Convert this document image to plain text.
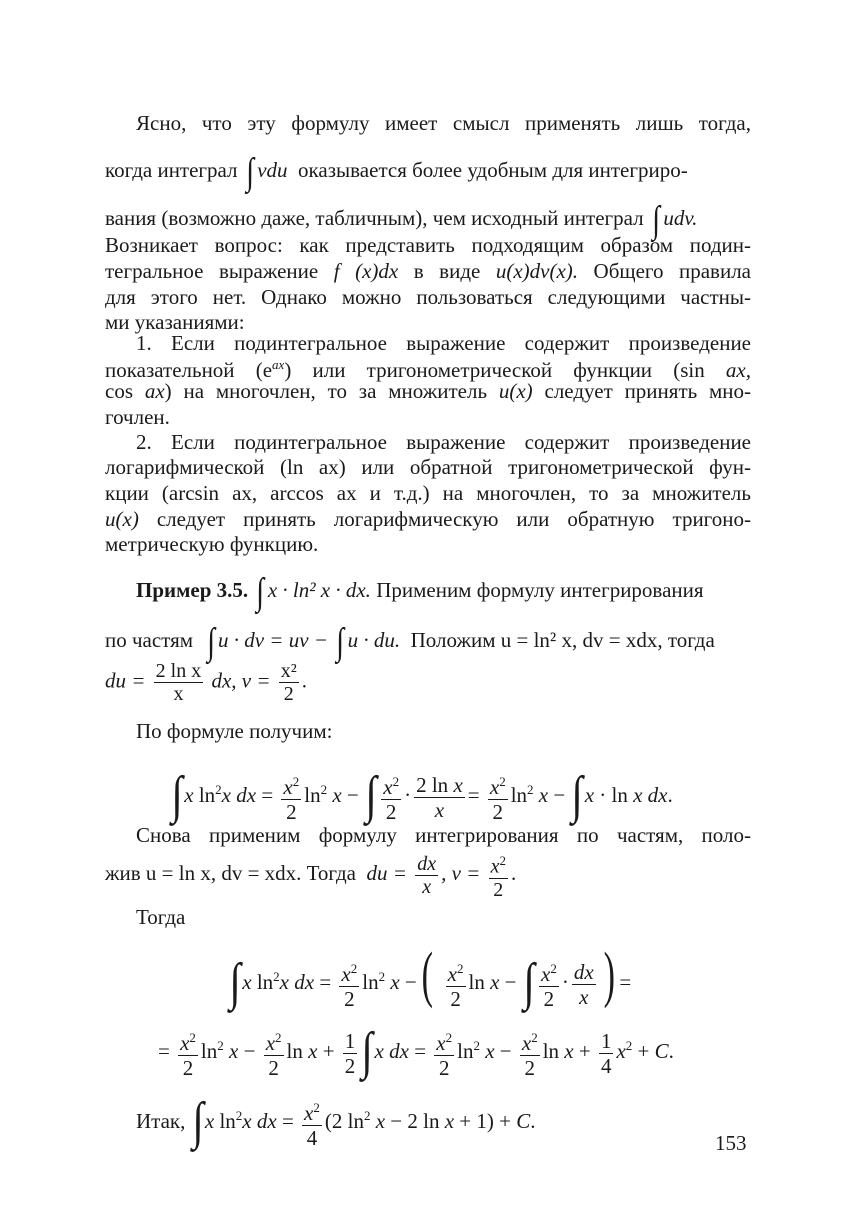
Ясно, что эту формулу имеет смысл применять лишь тогда,
когда интеграл ∫ vdu оказывается более удобным для интегриро-
вания (возможно даже, табличным), чем исходный интеграл ∫ udv.
Возникает вопрос: как представить подходящим образом подин-
тегральное выражение f (x)dx в виде u(x)dv(x). Общего правила
для этого нет. Однако можно пользоваться следующими частны-
ми указаниями:
1. Если подинтегральное выражение содержит произведение
показательной $(e^{ax})$ или тригонометрической функции (sin ax,
cos ax) на многочлен, то за множитель u(x) следует принять мно-
гочлен.
2. Если подинтегральное выражение содержит произведение
логарифмической (ln ax) или обратной тригонометрической фун-
кции (arcsin ax, arccos ax и т.д.) на многочлен, то за множитель
u(x) следует принять логарифмическую или обратную тригоно-
метрическую функцию.
Пример 3.5. ∫ x · ln² x · dx. Применим формулу интегрирования
по частям ∫ u · dv = uv − ∫ u · du. Положим u = ln² x, dv = xdx, тогда
du = $\frac{\text{2 ln x}}{x}$ dx, $v = \frac{\text{x²}}{2}$ .
По формуле получим:
∫x $\ln^2x$ dx = $\frac{x^2}{2} \ln^2 x$ − ∫ $\frac{x^2}{2} \cdot \frac{\text{2 ln x}}{x} = \frac{x^2}{2} \ln^2 x - \int x \cdot \ln x$ dx.
Снова применим формулу интегрирования по частям, поло-
жив u = ln x, dv = xdx. Тогда du = $\frac{dx}{x}$ , $v = \frac{x^2}{2}$ .
Тогда
∫x $\ln^2x$ dx = $\frac{x^2}{2} \ln^2 x$ −( $\frac{x^2}{2}$ ln x − ∫ $\frac{x^2}{2} \cdot \frac{dx}{x}$ ) =
= $\frac{x^2}{2} \ln^2 x - \frac{x^2}{2}$ $\ln x + \frac{1}{2} \int x$ dx = $\frac{x^2}{2} \ln^2 x - \frac{x^2}{2}$ $\ln x + \frac{1}{4} x^2 + C$.
Итак, ∫x $\ln^2x$ dx = $\frac{x^2}{4} (2$ $\ln^2 x - 2$ ln x + 1) + C.
153
